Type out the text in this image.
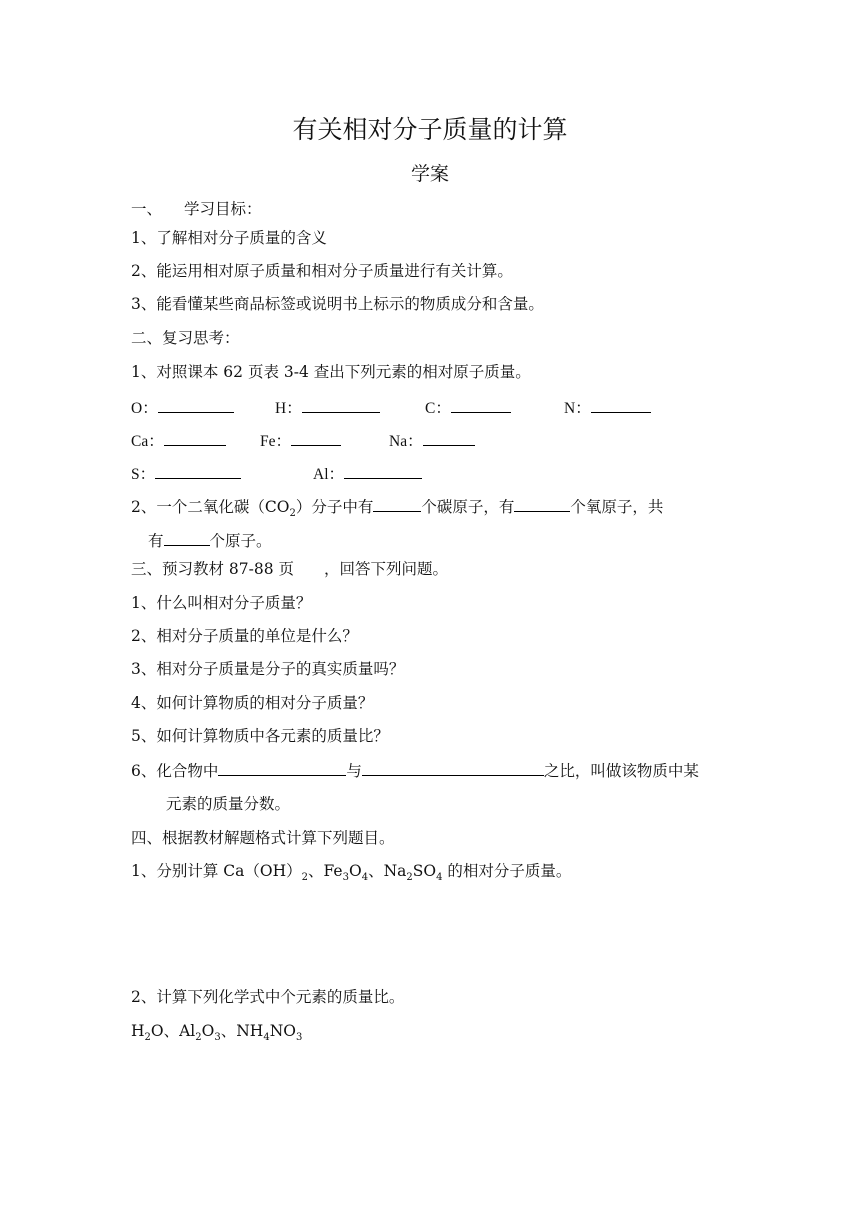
有关相对分子质量的计算
学案
一、 学习目标：
1、了解相对分子质量的含义
2、能运用相对原子质量和相对分子质量进行有关计算。
3、能看懂某些商品标签或说明书上标示的物质成分和含量。
二、复习思考：
1、对照课本 62 页表 3-4 查出下列元素的相对原子质量。
O：	H：	C：	N：
Ca：	Fe：	Na：
S：	Al：
2、一个二氧化碳$(CO_2)$分子中有	个碳原子，有	个氧原子，共
有	个原子。
三、预习教材 87-88 页 ，回答下列问题。
1、什么叫相对分子质量？
2、相对分子质量的单位是什么？
3、相对分子质量是分子的真实质量吗？
4、如何计算物质的相对分子质量？
5、如何计算物质中各元素的质量比？
6、化合物中	与	之比，叫做该物质中某
元素的质量分数。
四、根据教材解题格式计算下列题目。
1、分别计算 $Ca(OH)_2$、$Fe_3O_4$、$Na_2SO_4$ 的相对分子质量。
2、计算下列化学式中个元素的质量比。
$H_2O$、$Al_2O_3$、$NH_4NO_3$
